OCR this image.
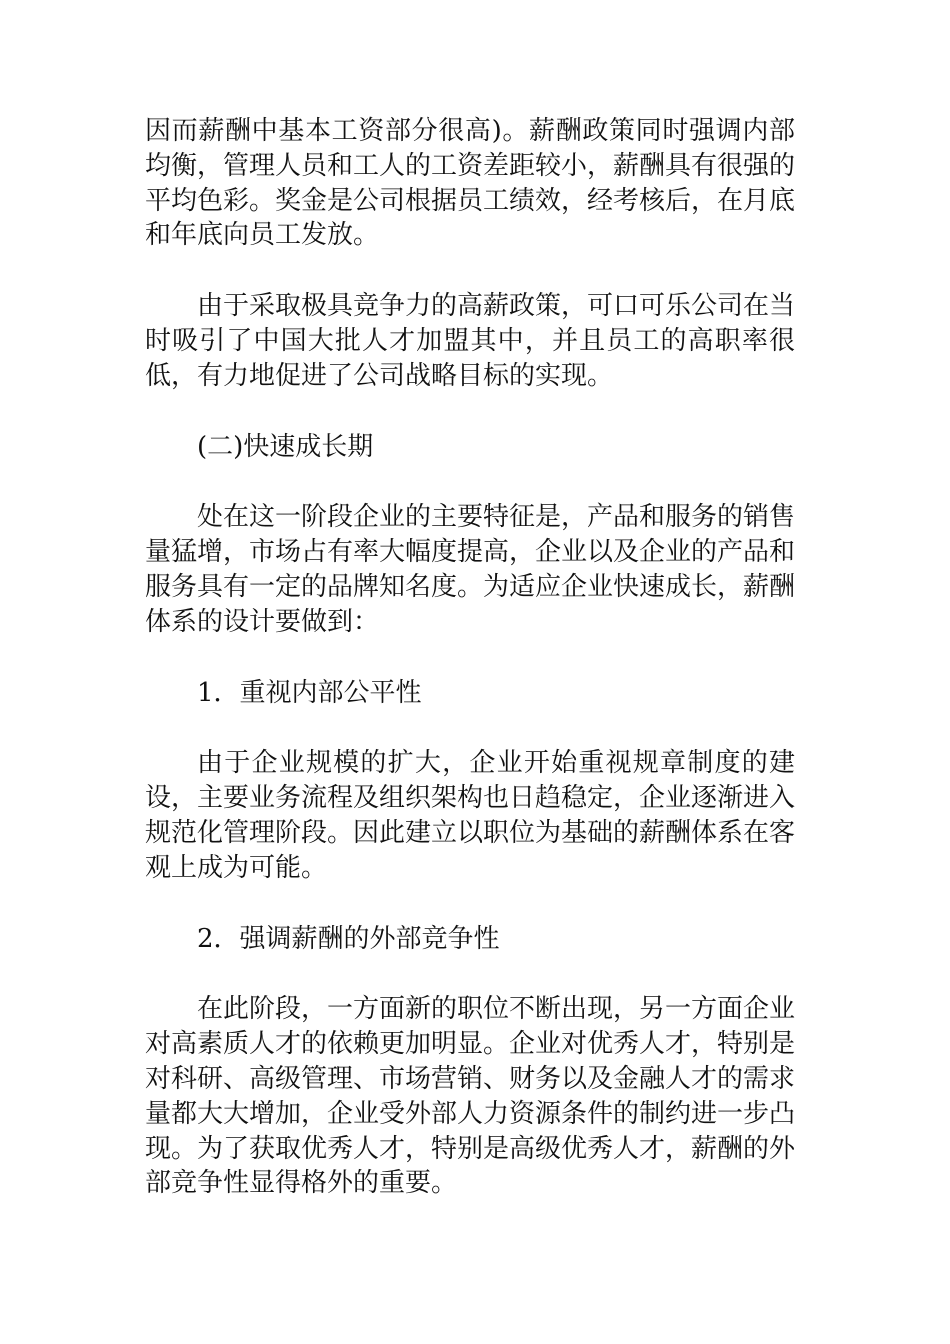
因而薪酬中基本工资部分很高)。薪酬政策同时强调内部均衡，管理人员和工人的工资差距较小，薪酬具有很强的平均色彩。奖金是公司根据员工绩效，经考核后，在月底和年底向员工发放。

由于采取极具竞争力的高薪政策，可口可乐公司在当时吸引了中国大批人才加盟其中，并且员工的高职率很低，有力地促进了公司战略目标的实现。

(二)快速成长期

处在这一阶段企业的主要特征是，产品和服务的销售量猛增，市场占有率大幅度提高，企业以及企业的产品和服务具有一定的品牌知名度。为适应企业快速成长，薪酬体系的设计要做到：

1．重视内部公平性

由于企业规模的扩大，企业开始重视规章制度的建设，主要业务流程及组织架构也日趋稳定，企业逐渐进入规范化管理阶段。因此建立以职位为基础的薪酬体系在客观上成为可能。

2．强调薪酬的外部竞争性

在此阶段，一方面新的职位不断出现，另一方面企业对高素质人才的依赖更加明显。企业对优秀人才，特别是对科研、高级管理、市场营销、财务以及金融人才的需求量都大大增加，企业受外部人力资源条件的制约进一步凸现。为了获取优秀人才，特别是高级优秀人才，薪酬的外部竞争性显得格外的重要。
